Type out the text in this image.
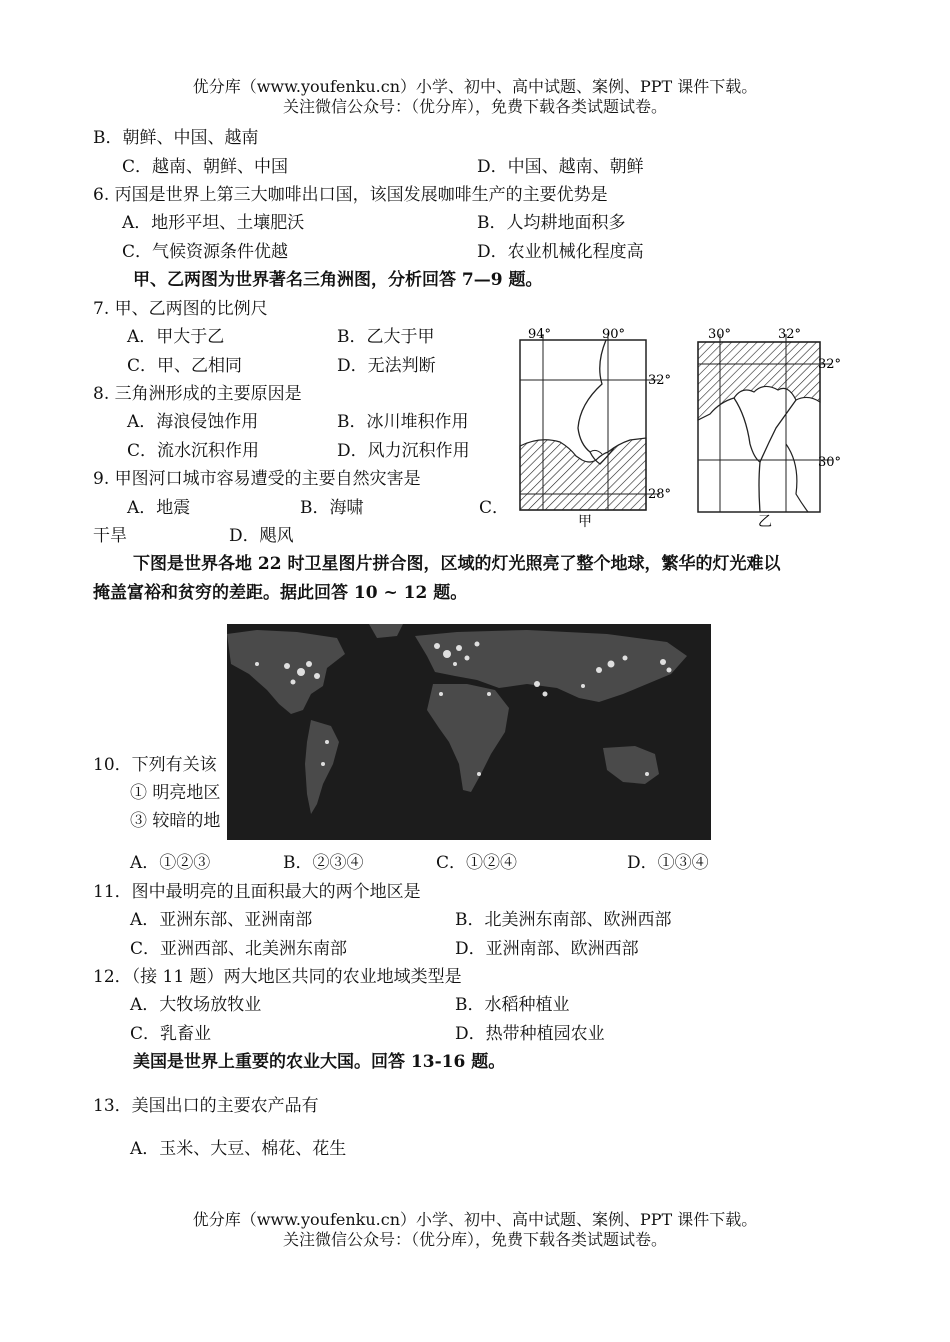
优分库（www.youfenku.cn）小学、初中、高中试题、案例、PPT 课件下载。
关注微信公众号：（优分库），免费下载各类试题试卷。
B．朝鲜、中国、越南
C．越南、朝鲜、中国	D．中国、越南、朝鲜
6. 丙国是世界上第三大咖啡出口国，该国发展咖啡生产的主要优势是
A．地形平坦、土壤肥沃	B．人均耕地面积多
C．气候资源条件优越	D．农业机械化程度高
甲、乙两图为世界著名三角洲图，分析回答 7—9 题。
7. 甲、乙两图的比例尺
A．甲大于乙	B．乙大于甲
C．甲、乙相同	D．无法判断
8. 三角洲形成的主要原因是
A．海浪侵蚀作用	B．冰川堆积作用
C．流水沉积作用	D．风力沉积作用
9. 甲图河口城市容易遭受的主要自然灾害是
A．地震	B．海啸	C．
干旱	D．飓风
94°	90°
32°
28°
甲
30°	32°
32°
30°
乙
下图是世界各地 22 时卫星图片拼合图，区域的灯光照亮了整个地球，繁华的灯光难以
掩盖富裕和贫穷的差距。据此回答 10 ~ 12 题。
10．下列有关该
① 明亮地区
③ 较暗的地
A．①②③	B．②③④	C．①②④	D．①③④
11．图中最明亮的且面积最大的两个地区是
A．亚洲东部、亚洲南部	B．北美洲东南部、欧洲西部
C．亚洲西部、北美洲东南部	D．亚洲南部、欧洲西部
12．（接 11 题）两大地区共同的农业地域类型是
A．大牧场放牧业	B．水稻种植业
C．乳畜业	D．热带种植园农业
美国是世界上重要的农业大国。回答 13-16 题。
13．美国出口的主要农产品有
A．玉米、大豆、棉花、花生
优分库（www.youfenku.cn）小学、初中、高中试题、案例、PPT 课件下载。
关注微信公众号：（优分库），免费下载各类试题试卷。
